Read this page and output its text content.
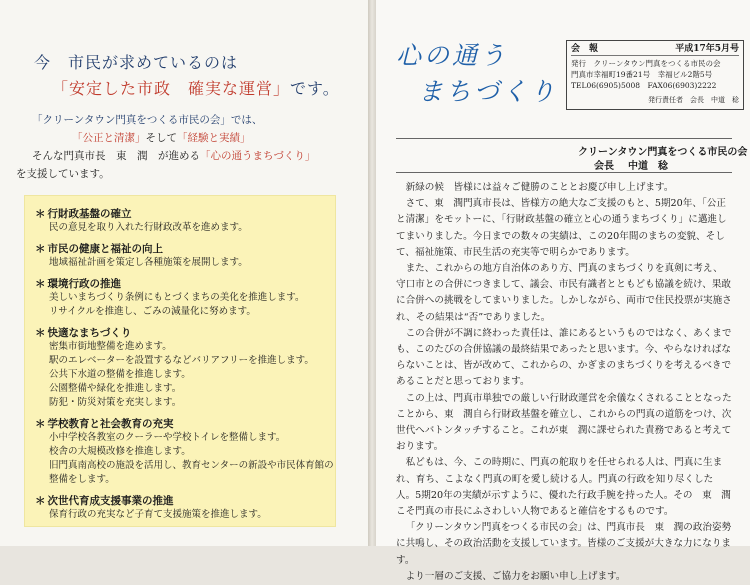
今　市民が求めているのは
「安定した市政　確実な運営」です。
「クリーンタウン門真をつくる市民の会」では、
「公正と清潔」そして「経験と実績」
そんな門真市長　東　潤　が進める「心の通うまちづくり」
を支援しています。
＊ 行財政基盤の確立
民の意見を取り入れた行財政改革を進めます。
＊ 市民の健康と福祉の向上
地域福祉計画を策定し各種施策を展開します。
＊ 環境行政の推進
美しいまちづくり条例にもとづくまちの美化を推進します。
リサイクルを推進し、ごみの減量化に努めます。
＊ 快適なまちづくり
密集市街地整備を進めます。
駅のエレベーターを設置するなどバリアフリーを推進します。
公共下水道の整備を推進します。
公園整備や緑化を推進します。
防犯・防災対策を充実します。
＊ 学校教育と社会教育の充実
小中学校各教室のクーラーや学校トイレを整備します。
校舎の大規模改修を推進します。
旧門真南高校の施設を活用し、教育センターの新設や市民体育館の整備をします。
＊ 次世代育成支援事業の推進
保育行政の充実など子育て支援施策を推進します。
心の通う
まちづくり
会　報	平成17年5月号
発行　クリーンタウン門真をつくる市民の会
門真市幸福町19番21号　幸福ビル2階5号
TEL06(6905)5008　FAX06(6903)2222
発行責任者　会長　中道　稔
クリーンタウン門真をつくる市民の会
会長 中道　稔

新緑の候　皆様には益々ご健勝のこととお慶び申し上げます。

さて、東　潤門真市長は、皆様方の絶大なご支援のもと、5期20年、「公正と清潔」をモットーに、「行財政基盤の確立と心の通うまちづくり」に邁進してまいりました。今日までの数々の実績は、この20年間のまちの変貌、そして、福祉施策、市民生活の充実等で明らかであります。

また、これからの地方自治体のあり方、門真のまちづくりを真剣に考え、守口市との合併につきまして、議会、市民有識者とともども協議を続け、果敢に合併への挑戦をしてまいりました。しかしながら、両市で住民投票が実施され、その結果は“否”でありました。

この合併が不調に終わった責任は、誰にあるというものではなく、あくまでも、このたびの合併協議の最終結果であったと思います。今、やらなければならないことは、皆が改めて、これからの、かぎまのまちづくりを考えるべきであることだと思っております。

この上は、門真市単独での厳しい行財政運営を余儀なくされることとなったことから、東　潤自ら行財政基盤を確立し、これからの門真の道筋をつけ、次世代へバトンタッチすること。これが東　潤に課せられた責務であると考えております。

私どもは、今、この時期に、門真の舵取りを任せられる人は、門真に生まれ、育ち、こよなく門真の町を愛し続ける人。門真の行政を知り尽くした人。5期20年の実績が示すように、優れた行政手腕を持った人。その　東　潤　こそ門真の市長にふさわしい人物であると確信をするものです。

「クリーンタウン門真をつくる市民の会」は、門真市長　東　潤の政治姿勢に共鳴し、その政治活動を支援しています。皆様のご支援が大きな力になります。

より一層のご支援、ご協力をお願い申し上げます。
